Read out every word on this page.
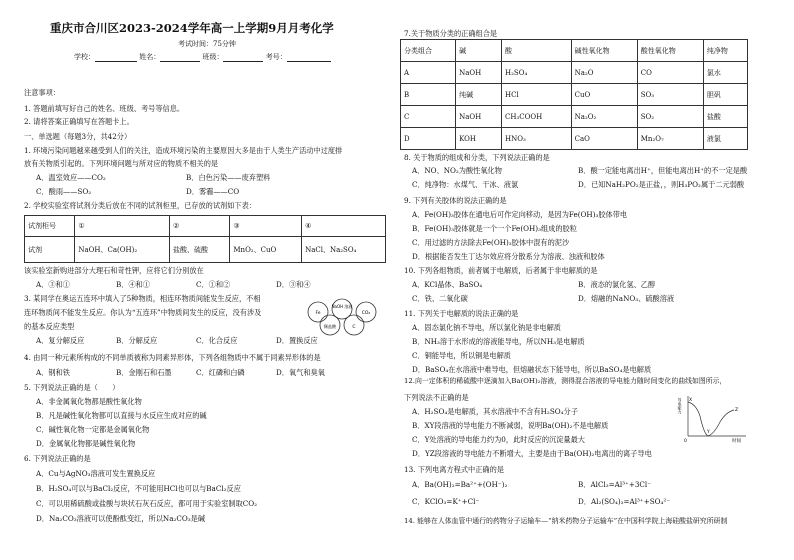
重庆市合川区2023-2024学年高一上学期9月月考化学
考试时间：75分钟
学校：	姓名：	班级：	考号：
注意事项：
1. 答题前填写好自己的姓名、班级、考号等信息。
2. 请将答案正确填写在答题卡上。
一、单选题（每题3分，共42分）
1. 环境污染问题越来越受到人们的关注，造成环境污染的主要原因大多是由于人类生产活动中过度排
放有关物质引起的。下列环境问题与所对应的物质不相关的是
A．温室效应——CO₂	B．白色污染——废弃塑料
C．酸雨——SO₂	D．雾霾——CO
2. 学校实验室将试剂分类后放在不同的试剂柜里，已存放的试剂如下表：
试剂柜号	①	②	③	④
试剂	NaOH、Ca(OH)₂	盐酸、硫酸	MnO₂、CuO	NaCl、Na₂SO₄
该实验室新购进部分大理石和苛性钾，应将它们分别放在
A．③和①	B．④和①	C．①和②	D．③和④
3. 某同学在奥运五连环中填入了5种物质，相连环物质间能发生反应，不相
连环物质间不能发生反应。你认为“五连环”中物质间发生的反应，没有涉及
的基本反应类型
Fe
NaOH 溶液
CO₂
C
稀盐酸
A．复分解反应	B．分解反应	C．化合反应	D．置换反应
4. 由同一种元素所构成的不同单质被称为同素异形体，下列各组物质中不属于同素异形体的是
A．钢和铁	B．金刚石和石墨	C．红磷和白磷	D．氧气和臭氧
5. 下列说法正确的是（　　）
A．非金属氧化物都是酸性氧化物
B．凡是碱性氧化物都可以直接与水反应生成对应的碱
C．碱性氧化物一定都是金属氧化物
D．金属氧化物都是碱性氧化物
6. 下列说法正确的是
A．Cu与AgNO₃溶液可发生置换反应
B．H₂SO₄可以与BaCl₂反应，不可能用HCl也可以与BaCl₂反应
C．可以用稀硫酸或盐酸与块状石灰石反应，都可用于实验室制取CO₂
D．Na₂CO₃溶液可以使酚酞变红，所以Na₂CO₃是碱
7.关于物质分类的正确组合是
分类组合	碱	酸	碱性氧化物	酸性氧化物	纯净物
A	NaOH	H₂SO₄	Na₂O	CO	氯水
B	纯碱	HCl	CuO	SO₃	胆矾
C	NaOH	CH₃COOH	Na₂O₂	SO₂	盐酸
D	KOH	HNO₃	CaO	Mn₂O₇	液氯
8. 关于物质的组成和分类，下列说法正确的是
A．NO、NO₂为酸性氧化物	B．酸一定能电离出H⁺，但能电离出H⁺的不一定是酸
C．纯净物：水煤气、干冰、液氯	D．已知NaH₂PO₂是正盐，，则H₃PO₂属于二元弱酸
9. 下列有关胶体的说法正确的是
A．Fe(OH)₃胶体在通电后可作定向移动，是因为Fe(OH)₃胶体带电
B．Fe(OH)₃胶体就是一个一个Fe(OH)₃组成的胶粒
C．用过滤的方法除去Fe(OH)₃胶体中混有的泥沙
D．根据能否发生丁达尔效应将分散系分为溶液、浊液和胶体
10. 下列各组物质，前者属于电解质，后者属于非电解质的是
A．KCl晶体、BaSO₄	B．液态的氯化氢、乙醇
C．铁、二氧化碳	D．熔融的NaNO₃、硫酸溶液
11. 下列关于电解质的说法正确的是
A．固态氯化钠不导电，所以氯化钠是非电解质
B．NH₃溶于水形成的溶液能导电，所以NH₃是电解质
C．铜能导电，所以铜是电解质
D．BaSO₄在水溶液中难导电，但熔融状态下能导电，所以BaSO₄是电解质
12.向一定体积的稀硫酸中逐滴加入Ba(OH)₂溶液，测得混合溶液的导电能力随时间变化的曲线如图所示，
下列说法不正确的是
A．H₂SO₄是电解质，其水溶液中不含有H₂SO₄分子
B．XY段溶液的导电能力不断减弱，说明Ba(OH)₂不是电解质
C．Y处溶液的导电能力约为0，此时反应的沉淀量最大
D．YZ段溶液的导电能力不断增大，主要是由于Ba(OH)₂电离出的离子导电
X
Y
Z
0	时间
导电能力
13. 下列电离方程式中正确的是
A．Ba(OH)₂=Ba²⁺+(OH⁻)₂	B．AlCl₃=Al³⁺+3Cl⁻
C．KClO₃=K⁺+Cl⁻	D．Al₂(SO₄)₃=Al³⁺+SO₄²⁻
14. 能够在人体血管中通行的药物分子运输车—“纳米药物分子运输车”在中国科学院上海硅酸盐研究所研制
